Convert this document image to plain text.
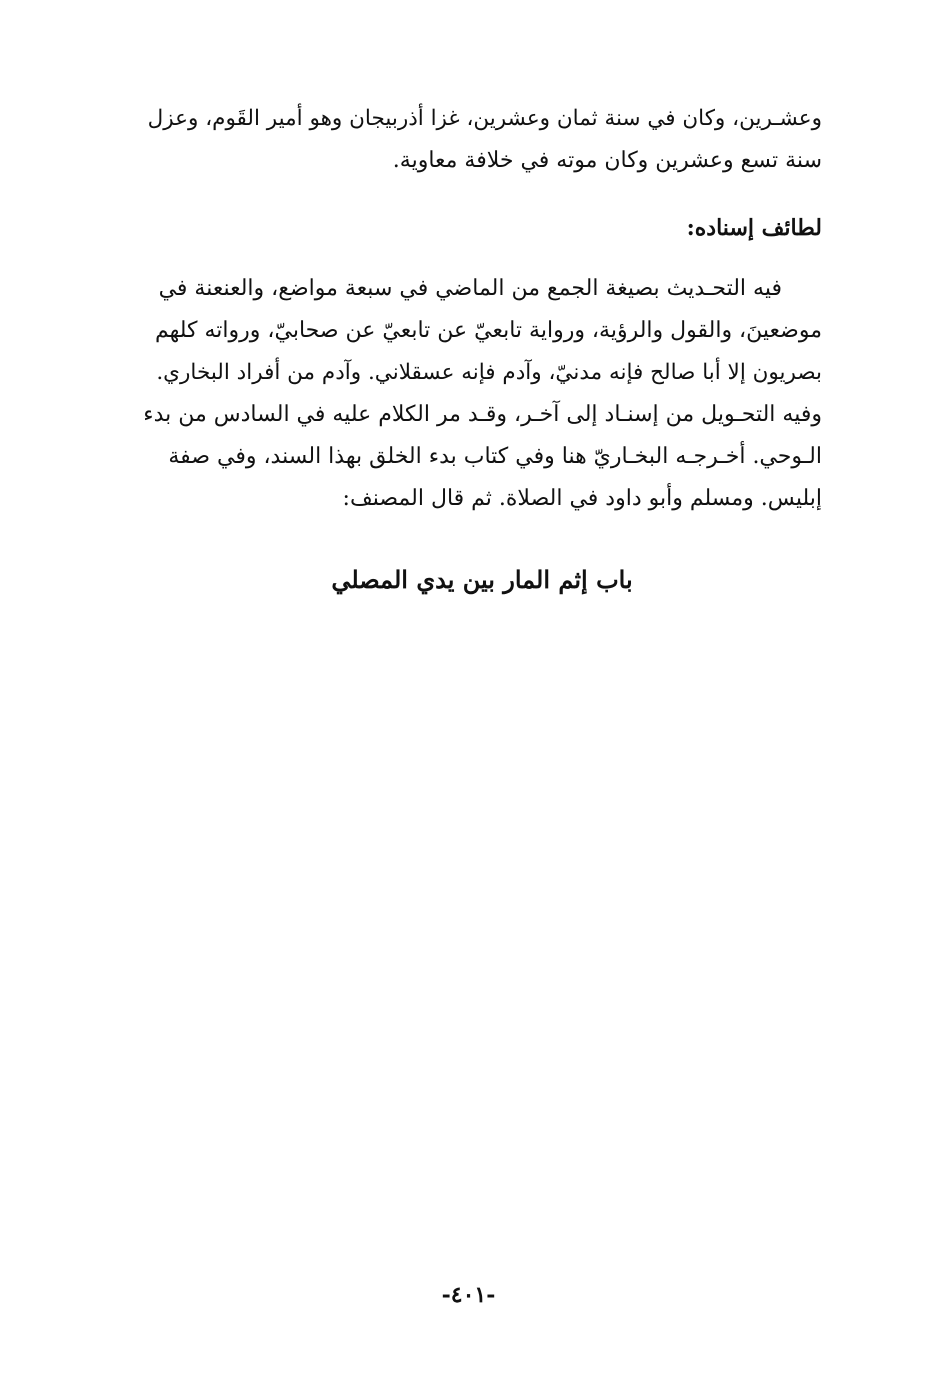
وعشـرين، وكان في سنة ثمان وعشرين، غزا أذربيجان وهو أمير القَوم، وعزل
سنة تسع وعشرين وكان موته في خلافة معاوية.
لطائف إسناده:
فيه التحـديث بصيغة الجمع من الماضي في سبعة مواضع، والعنعنة في
موضعينَ، والقول والرؤية، ورواية تابعيّ عن تابعيّ عن صحابيّ، ورواته كلهم
بصريون إلا أبا صالح فإنه مدنيّ، وآدم فإنه عسقلاني. وآدم من أفراد البخاري.
وفيه التحـويل من إسنـاد إلى آخـر، وقـد مر الكلام عليه في السادس من بدء
الـوحي. أخـرجـه البخـاريّ هنا وفي كتاب بدء الخلق بهذا السند، وفي صفة
إبليس. ومسلم وأبو داود في الصلاة. ثم قال المصنف:
باب إثم المار بين يدي المصلي
-٤٠١-
